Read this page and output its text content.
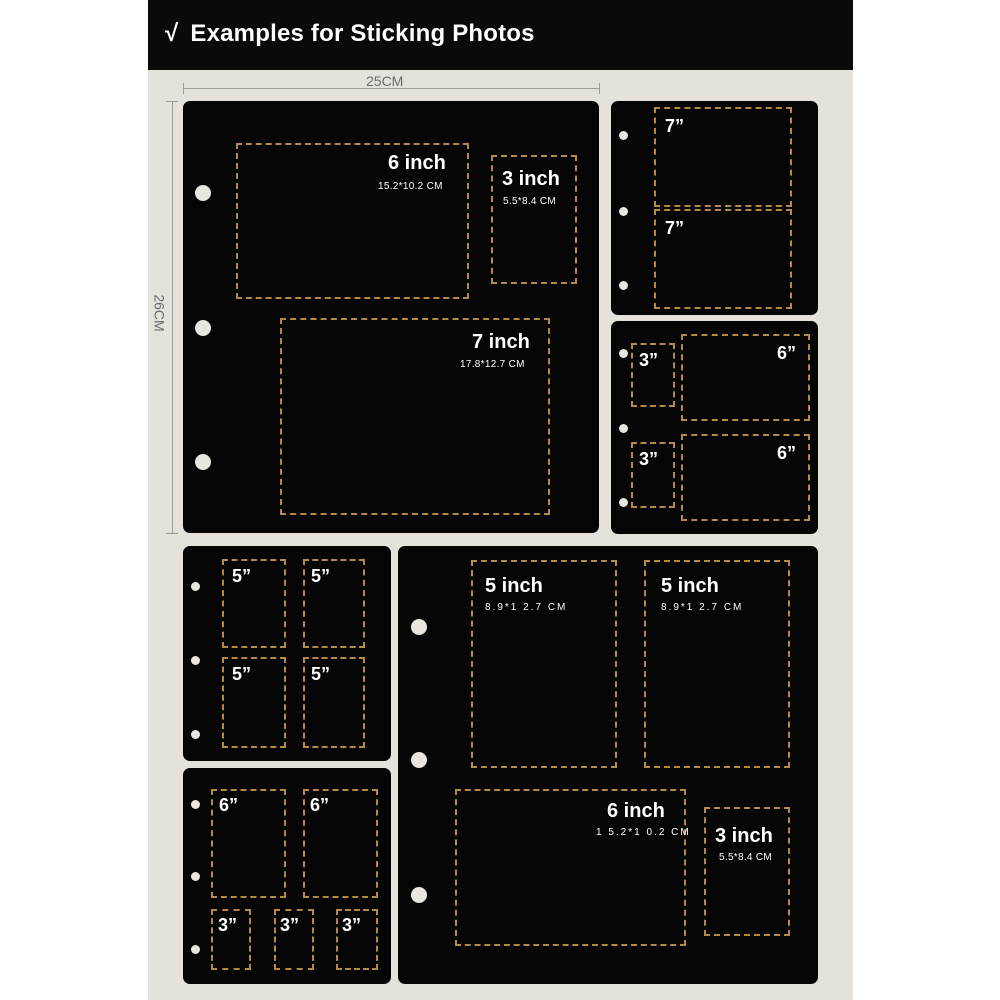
√ Examples for Sticking Photos
25CM
26CM
6 inch
15.2*10.2 CM	3 inch
5.5*8.4 CM
7 inch
17.8*12.7 CM
7”
7”
3”	6”
3”	6”
5”	5”
5”	5”
6”	6”
3” 3” 3”
5 inch
8.9*1 2.7 CM
5 inch
8.9*1 2.7 CM
6 inch
1 5.2*1 0.2 CM 3 inch
5.5*8.4 CM
